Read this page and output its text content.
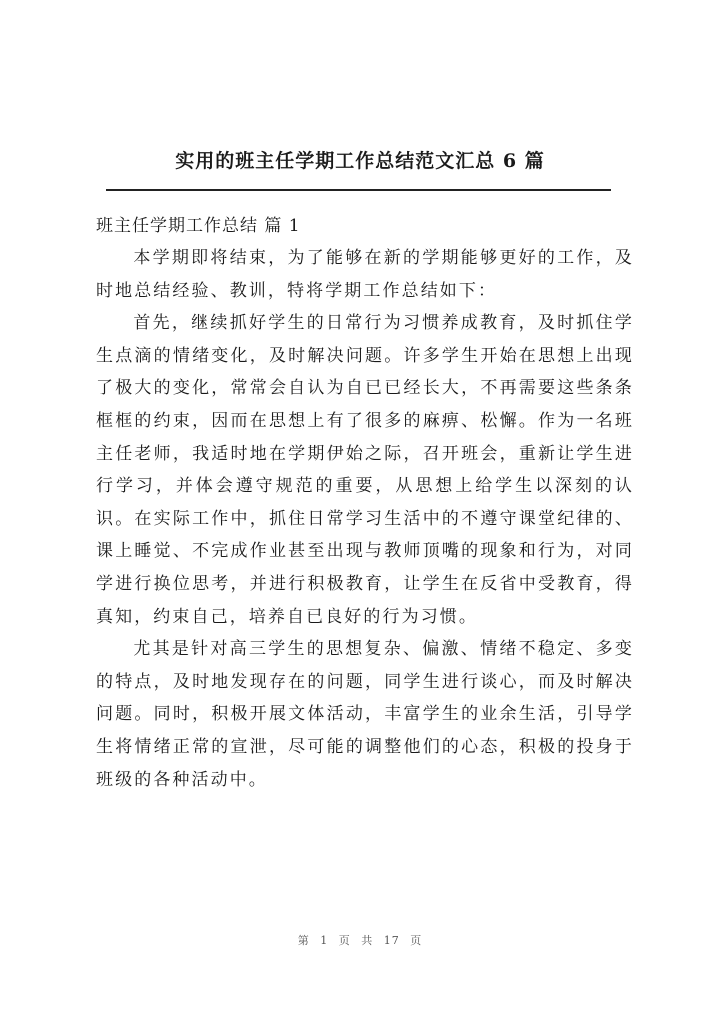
实用的班主任学期工作总结范文汇总 6 篇
班主任学期工作总结 篇 1

本学期即将结束，为了能够在新的学期能够更好的工作，及时地总结经验、教训，特将学期工作总结如下：

首先，继续抓好学生的日常行为习惯养成教育，及时抓住学生点滴的情绪变化，及时解决问题。许多学生开始在思想上出现了极大的变化，常常会自认为自已已经长大，不再需要这些条条框框的约束，因而在思想上有了很多的麻痹、松懈。作为一名班主任老师，我适时地在学期伊始之际，召开班会，重新让学生进行学习，并体会遵守规范的重要，从思想上给学生以深刻的认识。在实际工作中，抓住日常学习生活中的不遵守课堂纪律的、课上睡觉、不完成作业甚至出现与教师顶嘴的现象和行为，对同学进行换位思考，并进行积极教育，让学生在反省中受教育，得真知，约束自己，培养自已良好的行为习惯。

尤其是针对高三学生的思想复杂、偏激、情绪不稳定、多变的特点，及时地发现存在的问题，同学生进行谈心，而及时解决问题。同时，积极开展文体活动，丰富学生的业余生活，引导学生将情绪正常的宣泄，尽可能的调整他们的心态，积极的投身于班级的各种活动中。

第 1 页 共 17 页
